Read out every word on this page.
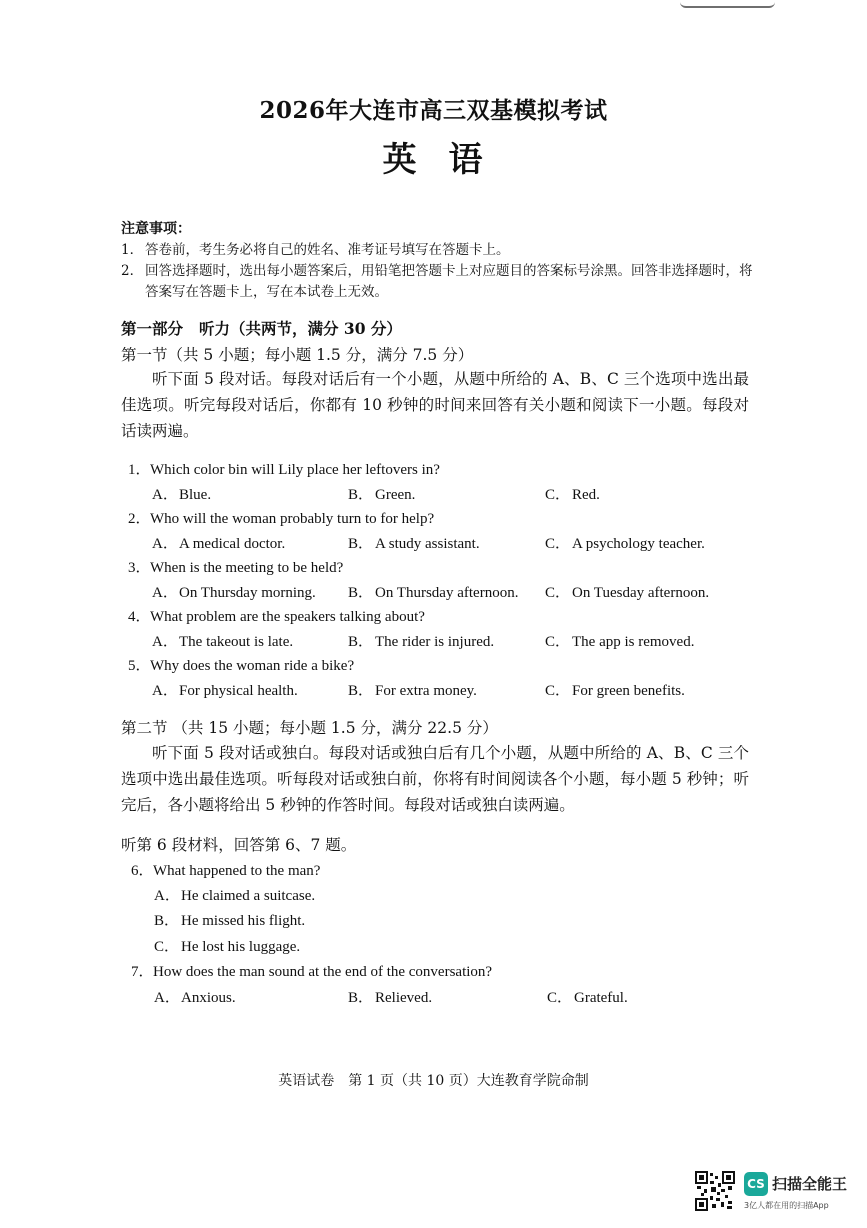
2026年大连市高三双基模拟考试
英语
注意事项：
1． 答卷前，考生务必将自己的姓名、准考证号填写在答题卡上。
2． 回答选择题时，选出每小题答案后，用铅笔把答题卡上对应题目的答案标号涂黑。回答非选择题时，将答案写在答题卡上，写在本试卷上无效。
第一部分 听力（共两节，满分 30 分）
第一节（共 5 小题；每小题 1.5 分，满分 7.5 分）
听下面 5 段对话。每段对话后有一个小题，从题中所给的 A、B、C 三个选项中选出最佳选项。听完每段对话后，你都有 10 秒钟的时间来回答有关小题和阅读下一小题。每段对话读两遍。
1．Which color bin will Lily place her leftovers in?
A．Blue.	B． Green.	C． Red.
2．Who will the woman probably turn to for help?
A．A medical doctor.	B． A study assistant.	C． A psychology teacher.
3．When is the meeting to be held?
A．On Thursday morning. B． On Thursday afternoon. C． On Tuesday afternoon.
4．What problem are the speakers talking about?
A．The takeout is late.	B． The rider is injured.	C． The app is removed.
5．Why does the woman ride a bike?
A．For physical health.	B． For extra money.	C． For green benefits.
第二节 （共 15 小题；每小题 1.5 分，满分 22.5 分）
听下面 5 段对话或独白。每段对话或独白后有几个小题，从题中所给的 A、B、C 三个选项中选出最佳选项。听每段对话或独白前，你将有时间阅读各个小题，每小题 5 秒钟；听完后，各小题将给出 5 秒钟的作答时间。每段对话或独白读两遍。
听第 6 段材料，回答第 6、7 题。
6．What happened to the man?
A．He claimed a suitcase.
B． He missed his flight.
C． He lost his luggage.
7．How does the man sound at the end of the conversation?
A．Anxious.	B． Relieved.	C． Grateful.
英语试卷　第 1 页（共 10 页）大连教育学院命制
CS 扫描全能王
3亿人都在用的扫描App
